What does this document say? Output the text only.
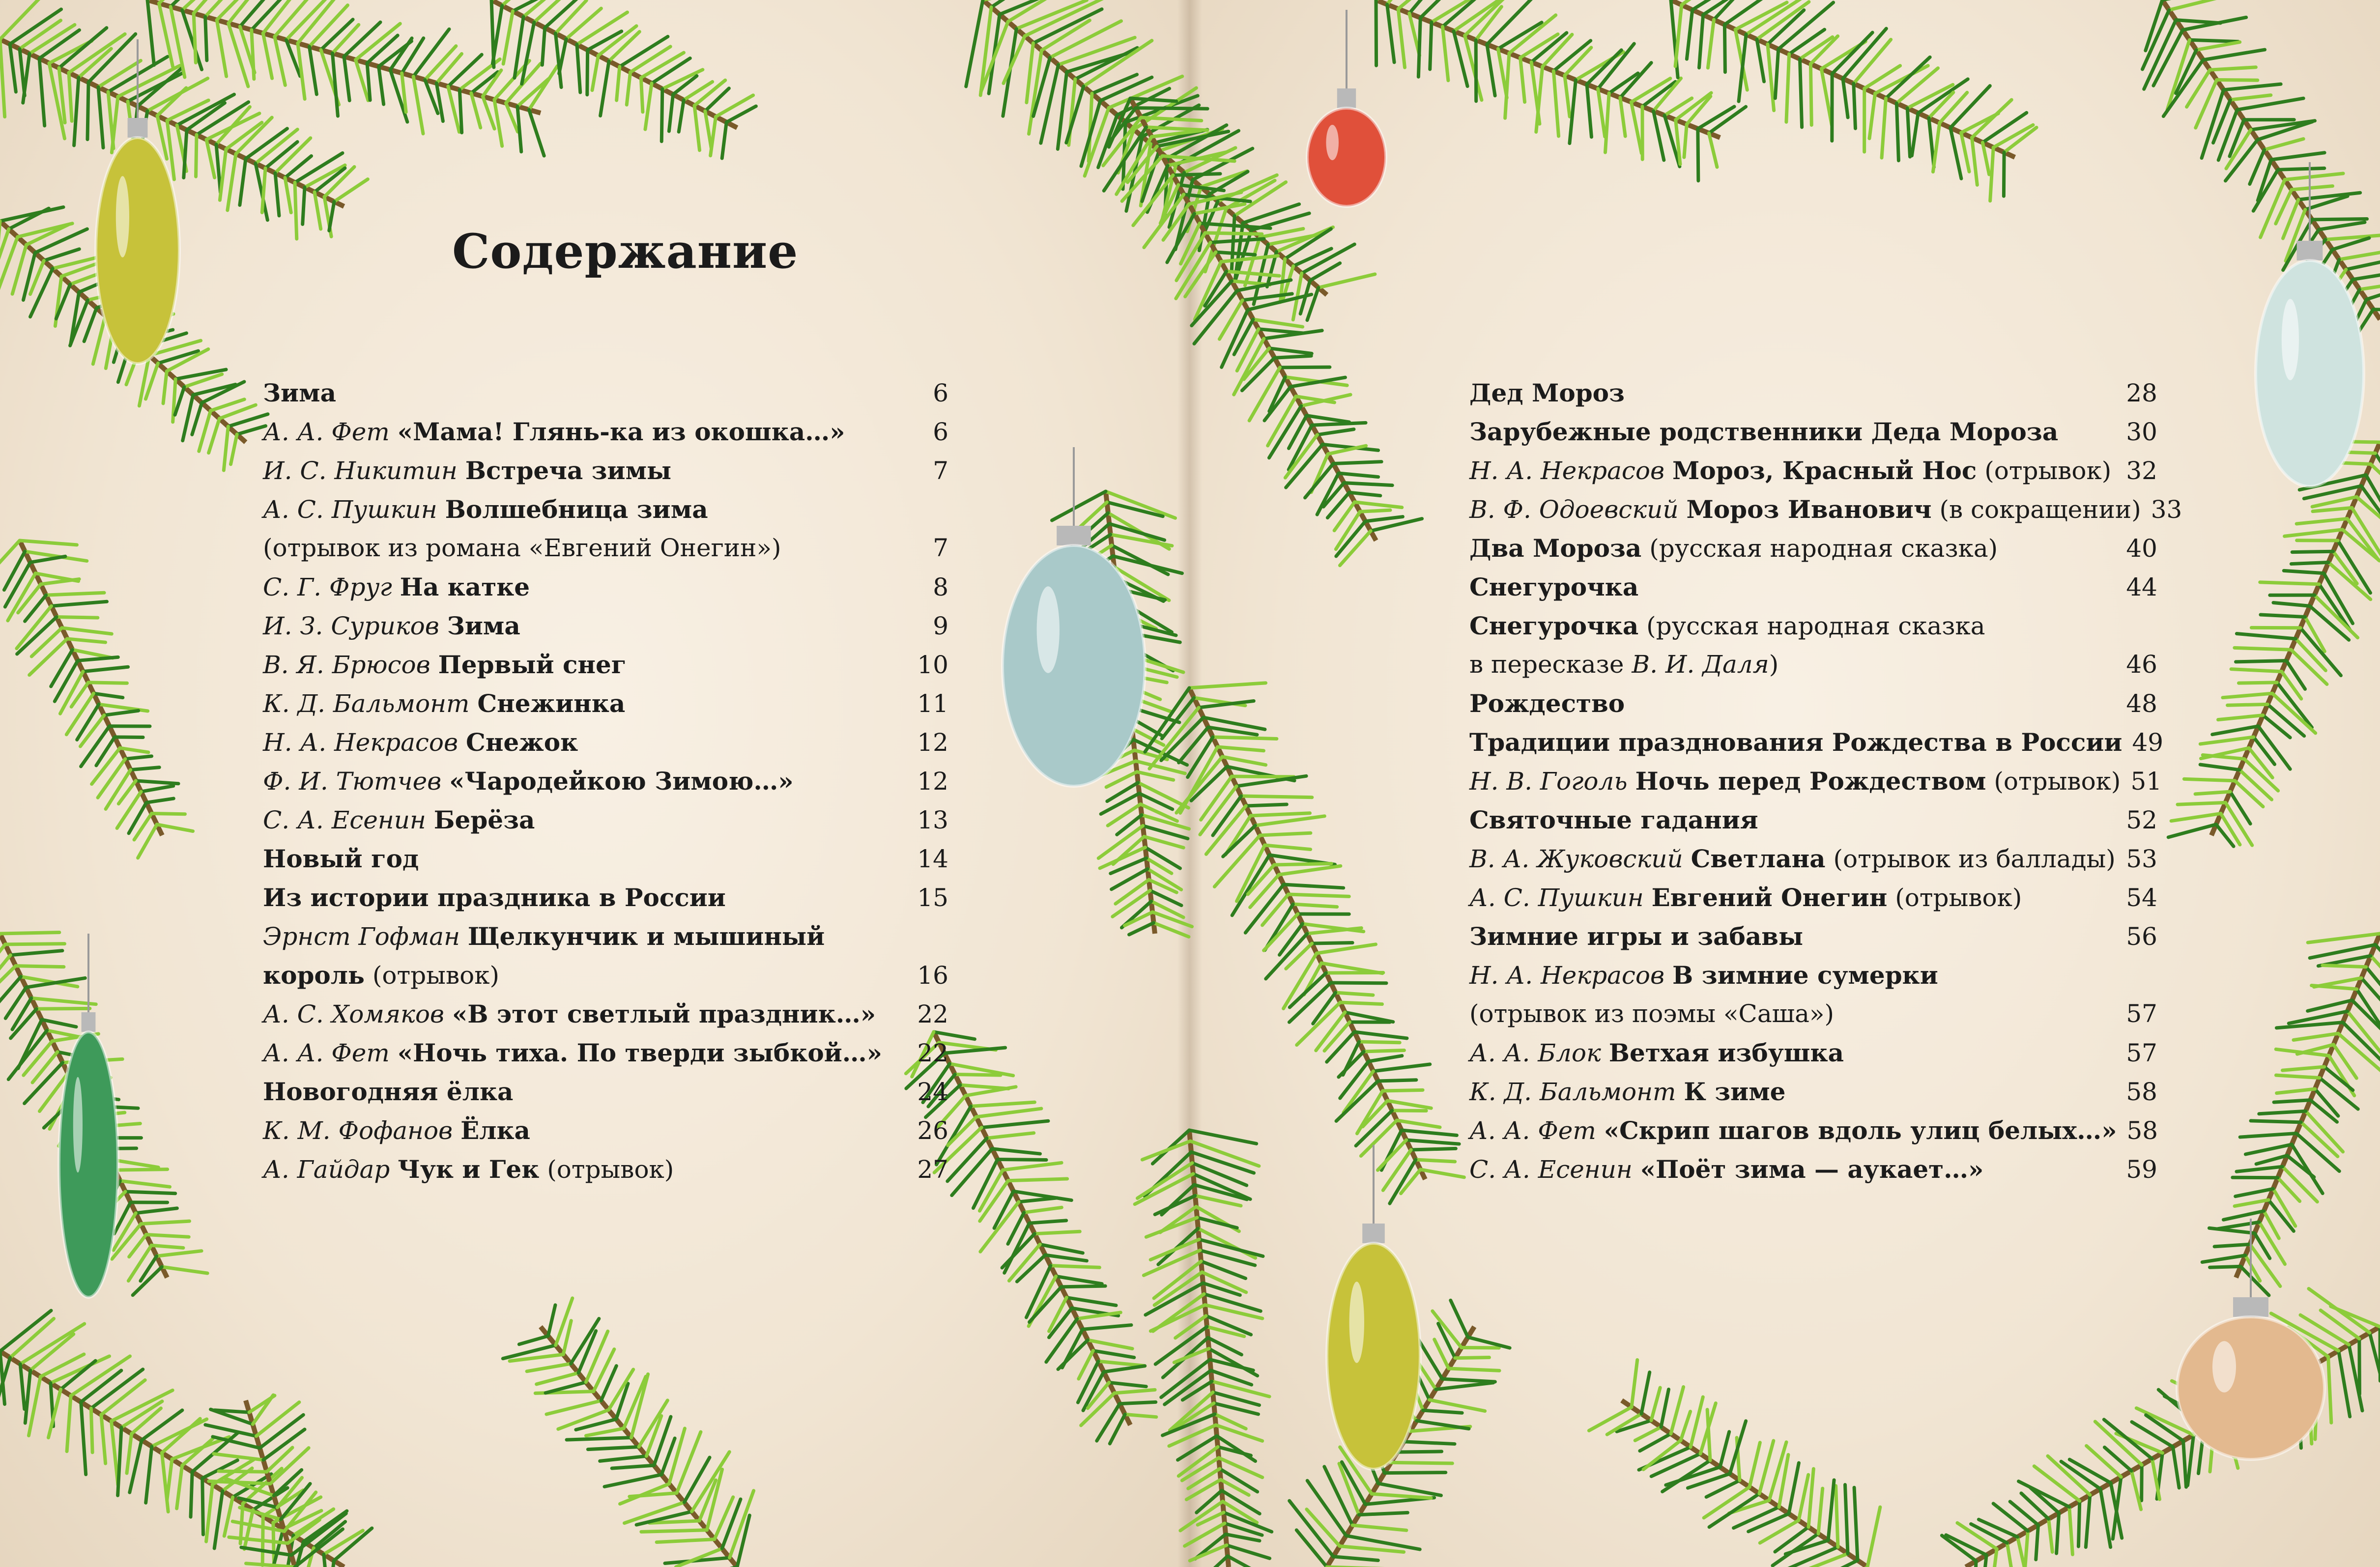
Содержание
Зима	6
А. А. Фет «Мама! Глянь-ка из окошка…»	6
И. С. Никитин Встреча зимы	7
А. С. Пушкин Волшебница зима
(отрывок из романа «Евгений Онегин»)	7
С. Г. Фруг На катке	8
И. З. Суриков Зима	9
В. Я. Брюсов Первый снег	10
К. Д. Бальмонт Снежинка	11
Н. А. Некрасов Снежок	12
Ф. И. Тютчев «Чародейкою Зимою…»	12
С. А. Есенин Берёза	13
Новый год	14
Из истории праздника в России	15
Эрнст Гофман Щелкунчик и мышиный
король (отрывок)	16
А. С. Хомяков «В этот светлый праздник…»	22
А. А. Фет «Ночь тиха. По тверди зыбкой…»	22
Новогодняя ёлка	24
К. М. Фофанов Ёлка	26
А. Гайдар Чук и Гек (отрывок)	27
Дед Мороз	28
Зарубежные родственники Деда Мороза	30
Н. А. Некрасов Мороз, Красный Нос (отрывок) 32
В. Ф. Одоевский Мороз Иванович (в сокращении) 33
Два Мороза (русская народная сказка)	40
Снегурочка	44
Снегурочка (русская народная сказка
в пересказе В. И. Даля)	46
Рождество	48
Традиции празднования Рождества в России 49
Н. В. Гоголь Ночь перед Рождеством (отрывок) 51
Святочные гадания	52
В. А. Жуковский Светлана (отрывок из баллады) 53
А. С. Пушкин Евгений Онегин (отрывок)	54
Зимние игры и забавы	56
Н. А. Некрасов В зимние сумерки
(отрывок из поэмы «Саша»)	57
А. А. Блок Ветхая избушка	57
К. Д. Бальмонт К зиме	58
А. А. Фет «Скрип шагов вдоль улиц белых…» 58
С. А. Есенин «Поёт зима — аукает…»	59
